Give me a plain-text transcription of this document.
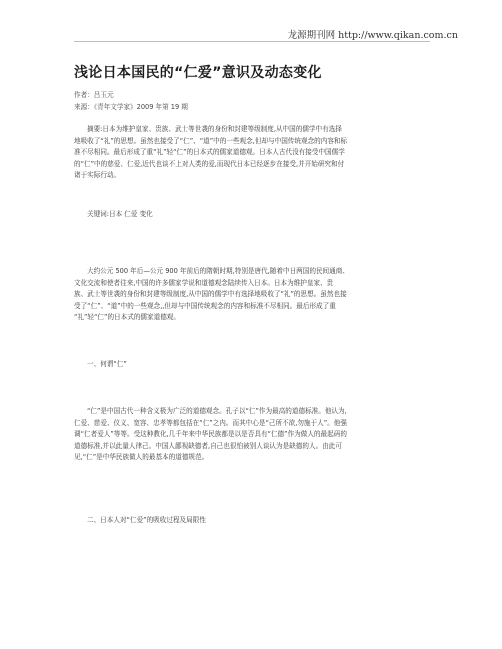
龙源期刊网 http://www.qikan.com.cn
浅论日本国民的“仁爱”意识及动态变化
作者：吕玉元
来源：《青年文学家》2009 年第 19 期
摘要:日本为维护皇家、贵族、武士等世袭的身份和封建等级制度,从中国的儒学中有选择
地吸收了“礼”的思想。虽然也接受了“仁”、“道”中的一些观念,但却与中国传统观念的内容和标
准不尽相同。最后形成了重“礼”轻“仁”的日本式的儒家道德观。日本人古代没有接受中国儒学
的“仁”中的慈爱、仁爱,近代也谈不上对人类的爱,而现代日本已经逐步在接受,并开始研究和付
诸于实际行动。
关键词:日本 仁爱 变化
大约公元 500 年后—公元 900 年前后的隋朝时期,特别是唐代,随着中日两国的民间通商、
文化交流和使者往来,中国的许多儒家学说和道德观念陆续传入日本。日本为维护皇家、贵
族、武士等世袭的身份和封建等级制度,从中国的儒学中有选择地吸收了“礼”的思想。虽然也接
受了“仁”、“道”中的一些观念,,但却与中国传统观念的内容和标准不尽相同。最后形成了重
“礼”轻“仁”的日本式的儒家道德观。
一、何谓“仁”
“仁”是中国古代一种含义极为广泛的道德观念。孔子以“仁”作为最高的道德标准。他认为,
仁爱、慈爱、仪义、宽容、忠孝等都包括在“仁”之内。而其中心是“己所不欲,勿施于人”。他强
调“仁者爱人”等等。受这种教化,几千年来中华民族都是以是否具有“仁德”作为做人的最起码的
道德标准,并以此量人律己。中国人鄙视缺德者,自己也很怕被别人谈认为是缺德的人。由此可
见,“仁”是中华民族做人的最基本的道德规范。
二、日本人对“仁爱”的吸收过程及局限性
